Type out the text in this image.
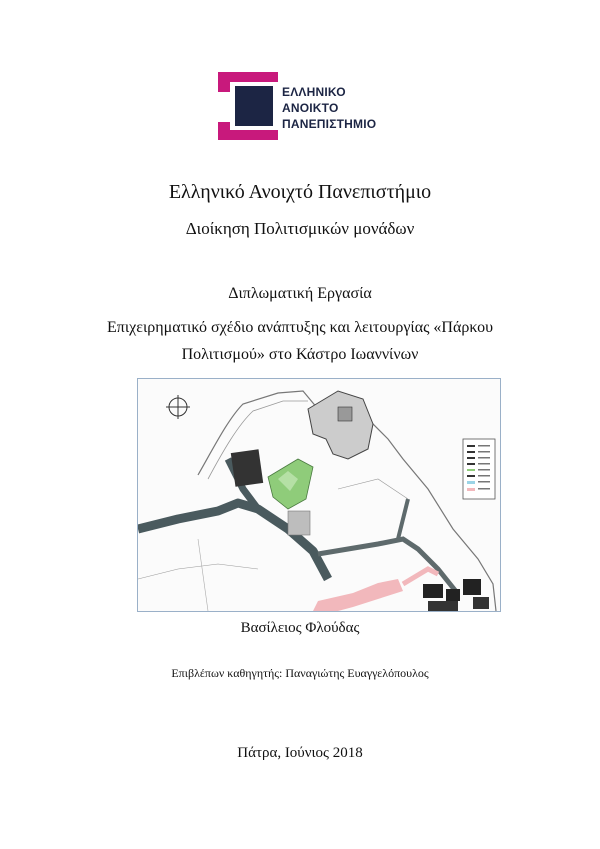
ΕΛΛΗΝΙΚΟ
ΑΝΟΙΚΤΟ
ΠΑΝΕΠΙΣΤΗΜΙΟ
Ελληνικό Ανοιχτό Πανεπιστήμιο
Διοίκηση Πολιτισμικών μονάδων
Διπλωματική Εργασία
Επιχειρηματικό σχέδιο ανάπτυξης και λειτουργίας «Πάρκου
Πολιτισμού» στο Κάστρο Ιωαννίνων
Βασίλειος Φλούδας
Επιβλέπων καθηγητής: Παναγιώτης Ευαγγελόπουλος
Πάτρα, Ιούνιος 2018
